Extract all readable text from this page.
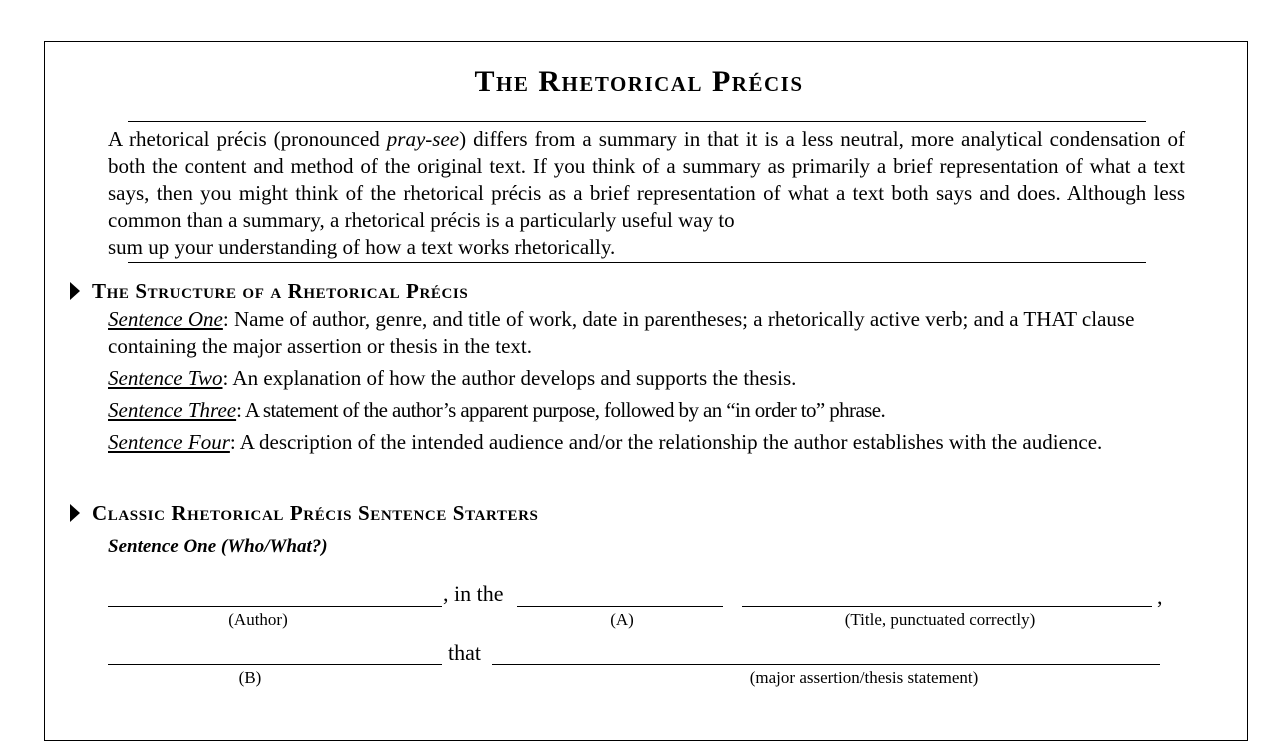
The Rhetorical Précis

A rhetorical précis (pronounced pray-see) differs from a summary in that it is a less neutral, more analytical condensation of both the content and method of the original text. If you think of a summary as primarily a brief representation of what a text says, then you might think of the rhetorical précis as a brief representation of what a text both says and does. Although less common than a summary, a rhetorical précis is a particularly useful way to
sum up your understanding of how a text works rhetorically.

The Structure of a Rhetorical Précis

Sentence One: Name of author, genre, and title of work, date in parentheses; a rhetorically active verb; and a THAT clause containing the major assertion or thesis in the text.

Sentence Two: An explanation of how the author develops and supports the thesis.

Sentence Three: A statement of the author’s apparent purpose, followed by an “in order to” phrase.

Sentence Four: A description of the intended audience and/or the relationship the author establishes with the audience.

Classic Rhetorical Précis Sentence Starters

Sentence One (Who/What?)

, in the	,
(Author)	(A)	(Title, punctuated correctly)
that
(B)	(major assertion/thesis statement)
